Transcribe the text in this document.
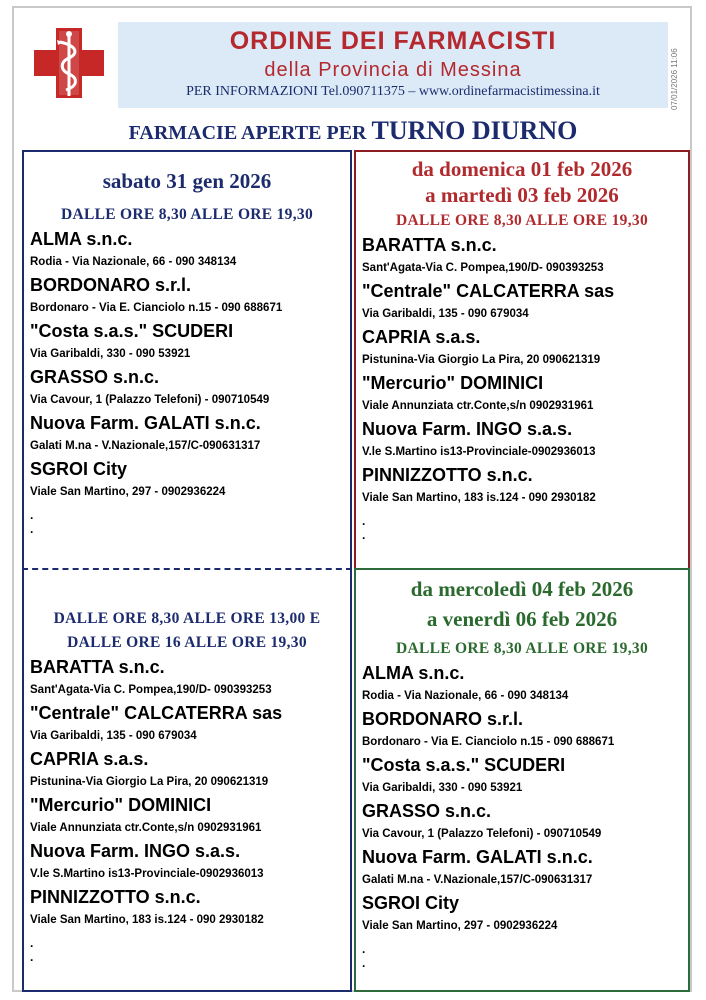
ORDINE DEI FARMACISTI
della Provincia di Messina
PER INFORMAZIONI Tel.090711375 – www.ordinefarmacistimessina.it	07/01/2026 11:06
FARMACIE APERTE PER TURNO DIURNO
sabato 31 gen 2026
DALLE ORE 8,30 ALLE ORE 19,30
ALMA s.n.c.
Rodia - Via Nazionale, 66 - 090 348134
BORDONARO s.r.l.
Bordonaro - Via E. Cianciolo n.15 - 090 688671
"Costa s.a.s." SCUDERI
Via Garibaldi, 330 - 090 53921
GRASSO s.n.c.
Via Cavour, 1 (Palazzo Telefoni) - 090710549
Nuova Farm. GALATI s.n.c.
Galati M.na - V.Nazionale,157/C-090631317
SGROI City
Viale San Martino, 297 - 0902936224
.
.
da domenica 01 feb 2026
a martedì 03 feb 2026
DALLE ORE 8,30 ALLE ORE 19,30
BARATTA s.n.c.
Sant'Agata-Via C. Pompea,190/D- 090393253
"Centrale" CALCATERRA sas
Via Garibaldi, 135 - 090 679034
CAPRIA s.a.s.
Pistunina-Via Giorgio La Pira, 20 090621319
"Mercurio" DOMINICI
Viale Annunziata ctr.Conte,s/n 0902931961
Nuova Farm. INGO s.a.s.
V.le S.Martino is13-Provinciale-0902936013
PINNIZZOTTO s.n.c.
Viale San Martino, 183 is.124 - 090 2930182
.
.
DALLE ORE 8,30 ALLE ORE 13,00 E
DALLE ORE 16 ALLE ORE 19,30
BARATTA s.n.c.
Sant'Agata-Via C. Pompea,190/D- 090393253
"Centrale" CALCATERRA sas
Via Garibaldi, 135 - 090 679034
CAPRIA s.a.s.
Pistunina-Via Giorgio La Pira, 20 090621319
"Mercurio" DOMINICI
Viale Annunziata ctr.Conte,s/n 0902931961
Nuova Farm. INGO s.a.s.
V.le S.Martino is13-Provinciale-0902936013
PINNIZZOTTO s.n.c.
Viale San Martino, 183 is.124 - 090 2930182
.
.
da mercoledì 04 feb 2026
a venerdì 06 feb 2026
DALLE ORE 8,30 ALLE ORE 19,30
ALMA s.n.c.
Rodia - Via Nazionale, 66 - 090 348134
BORDONARO s.r.l.
Bordonaro - Via E. Cianciolo n.15 - 090 688671
"Costa s.a.s." SCUDERI
Via Garibaldi, 330 - 090 53921
GRASSO s.n.c.
Via Cavour, 1 (Palazzo Telefoni) - 090710549
Nuova Farm. GALATI s.n.c.
Galati M.na - V.Nazionale,157/C-090631317
SGROI City
Viale San Martino, 297 - 0902936224
.
.
